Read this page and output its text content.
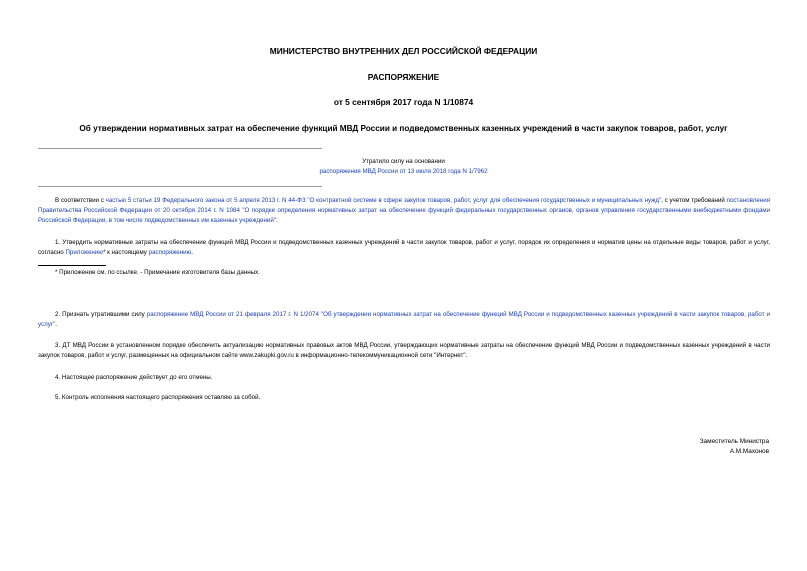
МИНИСТЕРСТВО ВНУТРЕННИХ ДЕЛ РОССИЙСКОЙ ФЕДЕРАЦИИ
РАСПОРЯЖЕНИЕ
от 5 сентября 2017 года N 1/10874
Об утверждении нормативных затрат на обеспечение функций МВД России и подведомственных казенных учреждений в части закупок товаров, работ, услуг
Утратило силу на основании
распоряжения МВД России от 13 июля 2018 года N 1/7962

В соответствии с частью 5 статьи 19 Федерального закона от 5 апреля 2013 г. N 44-ФЗ "О контрактной системе в сфере закупок товаров, работ, услуг для обеспечения государственных и муниципальных нужд", с учетом требований постановления Правительства Российской Федерации от 20 октября 2014 г. N 1084 "О порядке определения нормативных затрат на обеспечение функций федеральных государственных органов, органов управления государственными внебюджетными фондами Российской Федерации, в том числе подведомственных им казенных учреждений":

1. Утвердить нормативные затраты на обеспечение функций МВД России и подведомственных казенных учреждений в части закупок товаров, работ и услуг, порядок их определения и норматив цены на отдельные виды товаров, работ и услуг, согласно Приложению* к настоящему распоряжению.

* Приложение см. по ссылке. - Примечание изготовителя базы данных.

2. Признать утратившими силу распоряжение МВД России от 21 февраля 2017 г. N 1/2074 "Об утверждении нормативных затрат на обеспечение функций МВД России и подведомственных казенных учреждений в части закупок товаров, работ и услуг".

3. ДТ МВД России в установленном порядке обеспечить актуализацию нормативных правовых актов МВД России, утверждающих нормативные затраты на обеспечение функций МВД России и подведомственных казенных учреждений в части закупок товаров, работ и услуг, размещенных на официальном сайте www.zakupki.gov.ru в информационно-телекоммуникационной сети "Интернет".

4. Настоящее распоряжение действует до его отмены.

5. Контроль исполнения настоящего распоряжения оставляю за собой.

Заместитель Министра
А.М.Махонов
